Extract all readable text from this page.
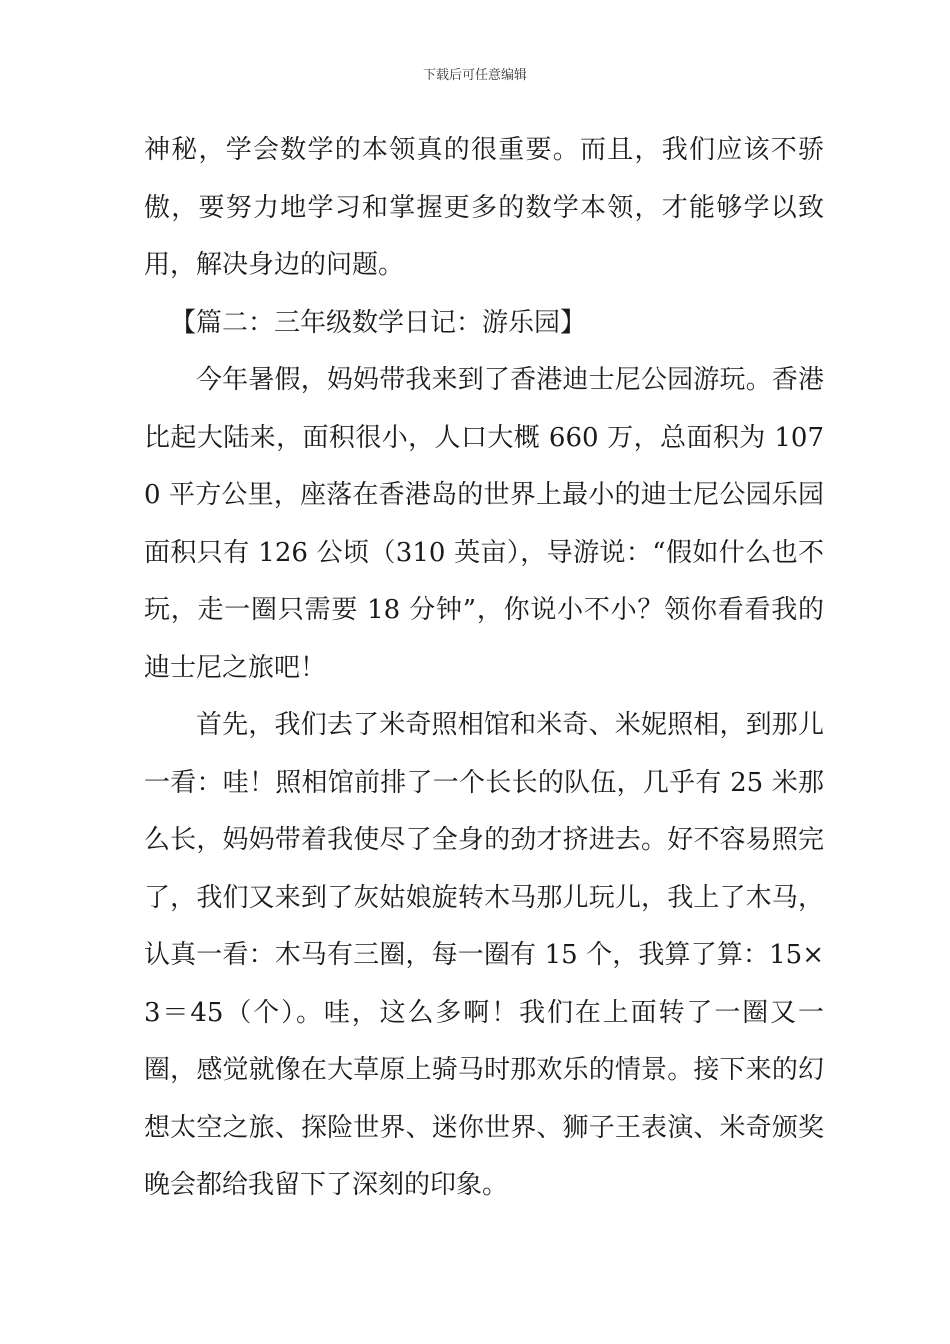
下载后可任意编辑

神秘，学会数学的本领真的很重要。而且，我们应该不骄傲，要努力地学习和掌握更多的数学本领，才能够学以致用，解决身边的问题。

【篇二：三年级数学日记：游乐园】

今年暑假，妈妈带我来到了香港迪士尼公园游玩。香港比起大陆来，面积很小，人口大概 660 万，总面积为 1070 平方公里，座落在香港岛的世界上最小的迪士尼公园乐园面积只有 126 公顷（310 英亩），导游说：“假如什么也不玩，走一圈只需要 18 分钟”，你说小不小？领你看看我的迪士尼之旅吧！

首先，我们去了米奇照相馆和米奇、米妮照相，到那儿一看：哇！照相馆前排了一个长长的队伍，几乎有 25 米那么长，妈妈带着我使尽了全身的劲才挤进去。好不容易照完了，我们又来到了灰姑娘旋转木马那儿玩儿，我上了木马，认真一看：木马有三圈，每一圈有 15 个，我算了算：15×3＝45（个）。哇，这么多啊！我们在上面转了一圈又一圈，感觉就像在大草原上骑马时那欢乐的情景。接下来的幻想太空之旅、探险世界、迷你世界、狮子王表演、米奇颁奖晚会都给我留下了深刻的印象。
